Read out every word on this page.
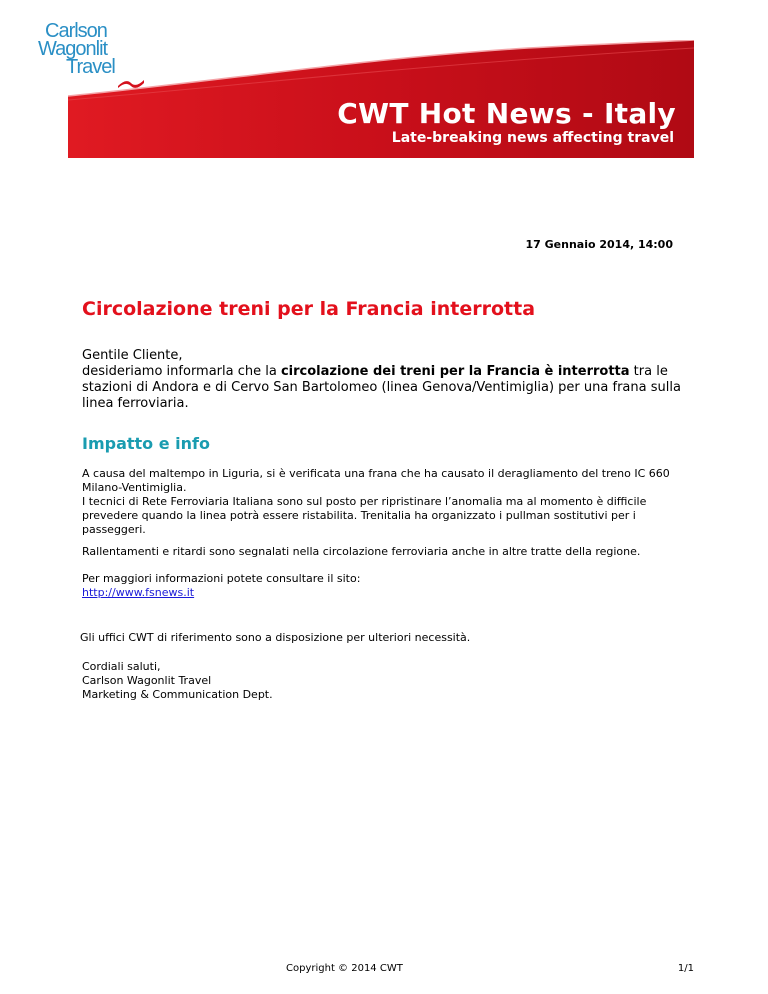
Carlson
Wagonlit
Travel
CWT Hot News - Italy
Late-breaking news affecting travel
17 Gennaio 2014, 14:00
Circolazione treni per la Francia interrotta

Gentile Cliente,

desideriamo informarla che la circolazione dei treni per la Francia è interrotta tra le stazioni di Andora e di Cervo San Bartolomeo (linea Genova/Ventimiglia) per una frana sulla linea ferroviaria.

Impatto e info
A causa del maltempo in Liguria, si è verificata una frana che ha causato il deragliamento del treno IC 660 Milano-Ventimiglia.
I tecnici di Rete Ferroviaria Italiana sono sul posto per ripristinare l’anomalia ma al momento è difficile prevedere quando la linea potrà essere ristabilita. Trenitalia ha organizzato i pullman sostitutivi per i passeggeri.
Rallentamenti e ritardi sono segnalati nella circolazione ferroviaria anche in altre tratte della regione.
Per maggiori informazioni potete consultare il sito:
http://www.fsnews.it
Gli uffici CWT di riferimento sono a disposizione per ulteriori necessità.
Cordiali saluti,
Carlson Wagonlit Travel
Marketing & Communication Dept.
Copyright © 2014 CWT	1/1
